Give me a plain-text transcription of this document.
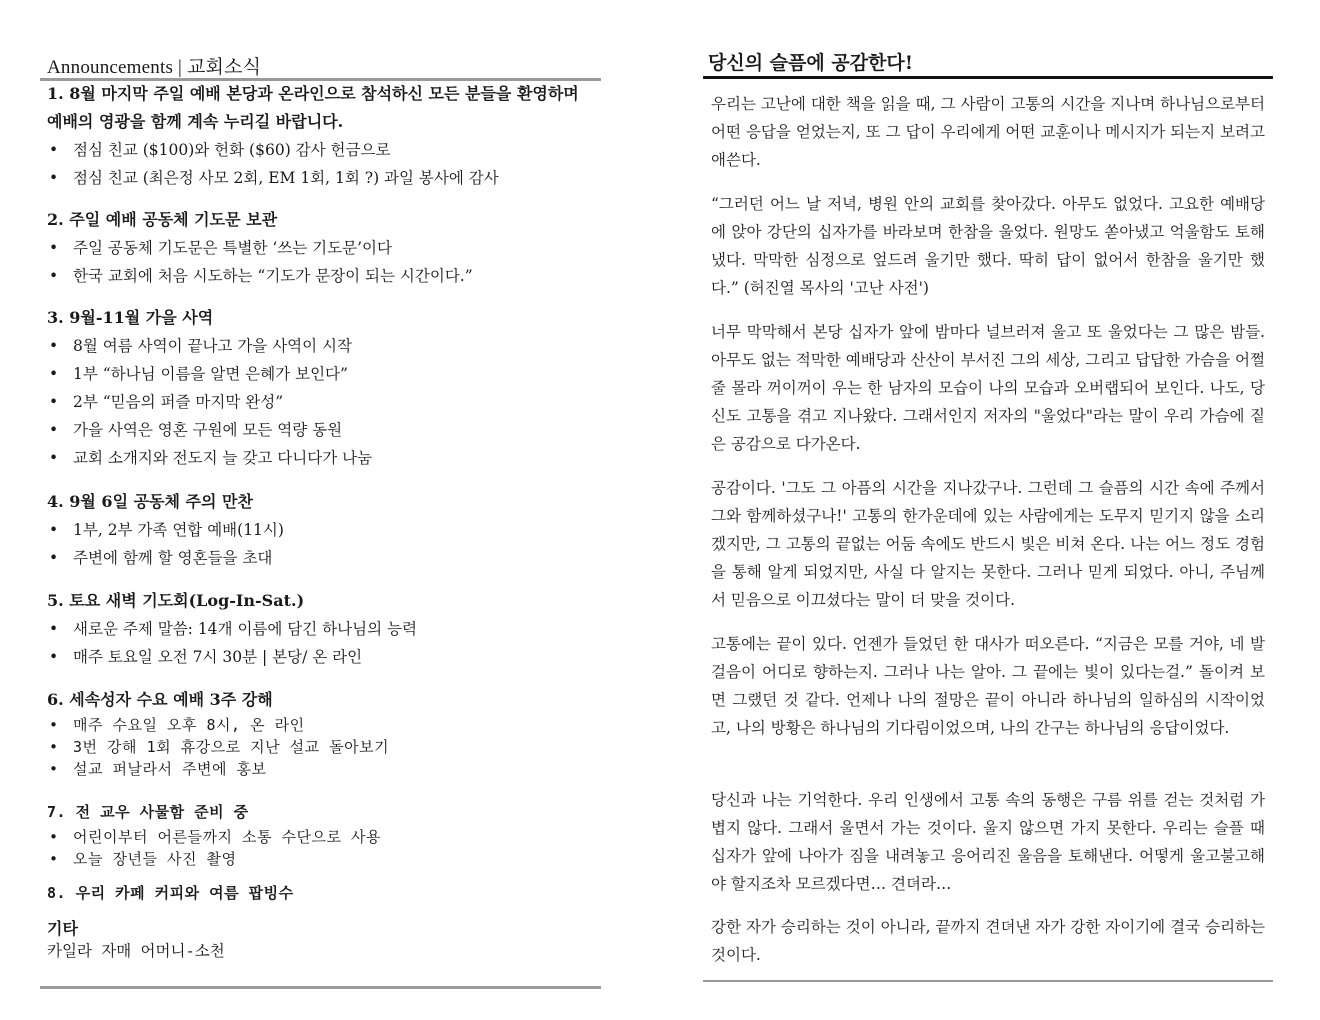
Announcements | 교회소식
1. 8월 마지막 주일 예배 본당과 온라인으로 참석하신 모든 분들을 환영하며
예배의 영광을 함께 계속 누리길 바랍니다.
• 점심 친교 ($100)와 헌화 ($60) 감사 헌금으로
• 점심 친교 (최은정 사모 2회, EM 1회, 1회 ?) 과일 봉사에 감사
2. 주일 예배 공동체 기도문 보관
• 주일 공동체 기도문은 특별한 ‘쓰는 기도문’이다
• 한국 교회에 처음 시도하는 “기도가 문장이 되는 시간이다.”
3. 9월-11월 가을 사역
• 8월 여름 사역이 끝나고 가을 사역이 시작
• 1부 “하나님 이름을 알면 은혜가 보인다”
• 2부 “믿음의 퍼즐 마지막 완성”
• 가을 사역은 영혼 구원에 모든 역량 동원
• 교회 소개지와 전도지 늘 갖고 다니다가 나눔
4. 9월 6일 공동체 주의 만찬
• 1부, 2부 가족 연합 예배(11시)
• 주변에 함께 할 영혼들을 초대
5. 토요 새벽 기도회(Log-In-Sat.)
• 새로운 주제 말씀: 14개 이름에 담긴 하나님의 능력
• 매주 토요일 오전 7시 30분 | 본당/ 온 라인
6. 세속성자 수요 예배 3주 강해
• 매주 수요일 오후 8시, 온 라인
• 3번 강해 1회 휴강으로 지난 설교 돌아보기
• 설교 퍼날라서 주변에 홍보
7. 전 교우 사물함 준비 중
• 어린이부터 어른들까지 소통 수단으로 사용
• 오늘 장년들 사진 촬영
8. 우리 카페 커피와 여름 팝빙수
기타
카일라 자매 어머니-소천
당신의 슬픔에 공감한다!

우리는 고난에 대한 책을 읽을 때, 그 사람이 고통의 시간을 지나며 하나님으로부터 어떤 응답을 얻었는지, 또 그 답이 우리에게 어떤 교훈이나 메시지가 되는지 보려고 애쓴다.

“그러던 어느 날 저녁, 병원 안의 교회를 찾아갔다. 아무도 없었다. 고요한 예배당에 앉아 강단의 십자가를 바라보며 한참을 울었다. 원망도 쏟아냈고 억울함도 토해냈다. 막막한 심정으로 엎드려 울기만 했다. 딱히 답이 없어서 한참을 울기만 했다.” (허진열 목사의 '고난 사전')

너무 막막해서 본당 십자가 앞에 밤마다 널브러져 울고 또 울었다는 그 많은 밤들. 아무도 없는 적막한 예배당과 산산이 부서진 그의 세상, 그리고 답답한 가슴을 어쩔 줄 몰라 꺼이꺼이 우는 한 남자의 모습이 나의 모습과 오버랩되어 보인다. 나도, 당신도 고통을 겪고 지나왔다. 그래서인지 저자의 "울었다"라는 말이 우리 가슴에 짙은 공감으로 다가온다.

공감이다. '그도 그 아픔의 시간을 지나갔구나. 그런데 그 슬픔의 시간 속에 주께서 그와 함께하셨구나!' 고통의 한가운데에 있는 사람에게는 도무지 믿기지 않을 소리겠지만, 그 고통의 끝없는 어둠 속에도 반드시 빛은 비쳐 온다. 나는 어느 정도 경험을 통해 알게 되었지만, 사실 다 알지는 못한다. 그러나 믿게 되었다. 아니, 주님께서 믿음으로 이끄셨다는 말이 더 맞을 것이다.

고통에는 끝이 있다. 언젠가 들었던 한 대사가 떠오른다. “지금은 모를 거야, 네 발걸음이 어디로 향하는지. 그러나 나는 알아. 그 끝에는 빛이 있다는걸.” 돌이켜 보면 그랬던 것 같다. 언제나 나의 절망은 끝이 아니라 하나님의 일하심의 시작이었고, 나의 방황은 하나님의 기다림이었으며, 나의 간구는 하나님의 응답이었다.

당신과 나는 기억한다. 우리 인생에서 고통 속의 동행은 구름 위를 걷는 것처럼 가볍지 않다. 그래서 울면서 가는 것이다. 울지 않으면 가지 못한다. 우리는 슬플 때 십자가 앞에 나아가 짐을 내려놓고 응어리진 울음을 토해낸다. 어떻게 울고불고해야 할지조차 모르겠다면… 견뎌라…

강한 자가 승리하는 것이 아니라, 끝까지 견뎌낸 자가 강한 자이기에 결국 승리하는 것이다.
